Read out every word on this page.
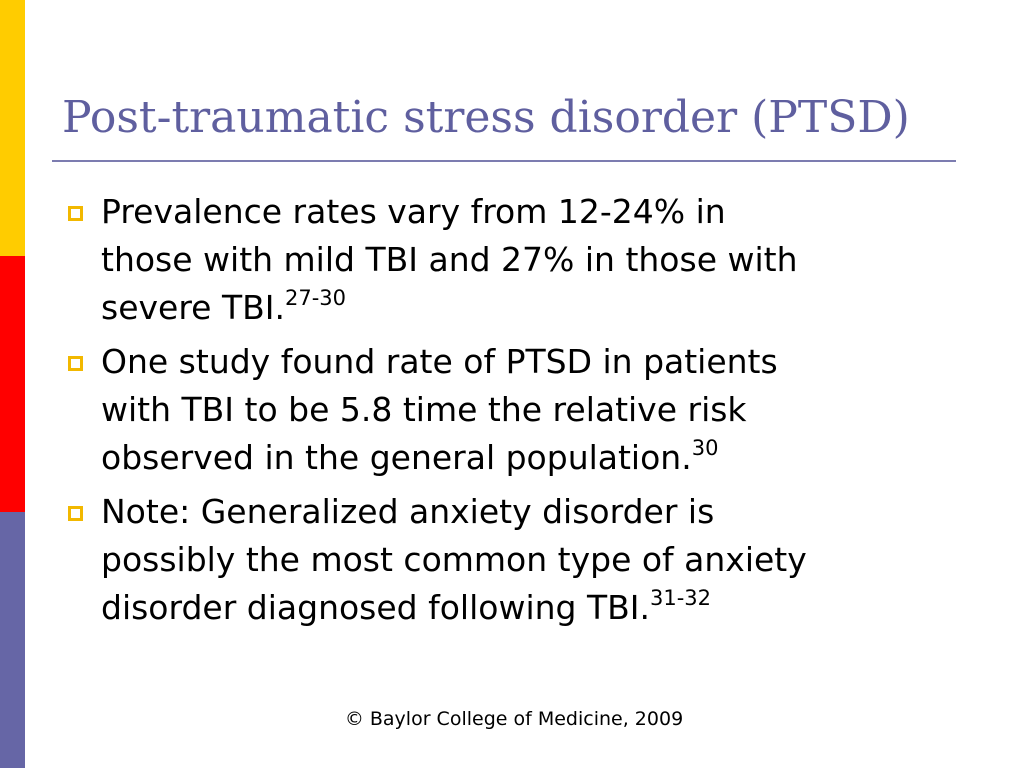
Post-traumatic stress disorder (PTSD)
Prevalence rates vary from 12-24% in
those with mild TBI and 27% in those with
severe TBI.$^{27-30}$
One study found rate of PTSD in patients
with TBI to be 5.8 time the relative risk
observed in the general population.$^{30}$
Note: Generalized anxiety disorder is
possibly the most common type of anxiety
disorder diagnosed following TBI.$^{31-32}$
© Baylor College of Medicine, 2009
